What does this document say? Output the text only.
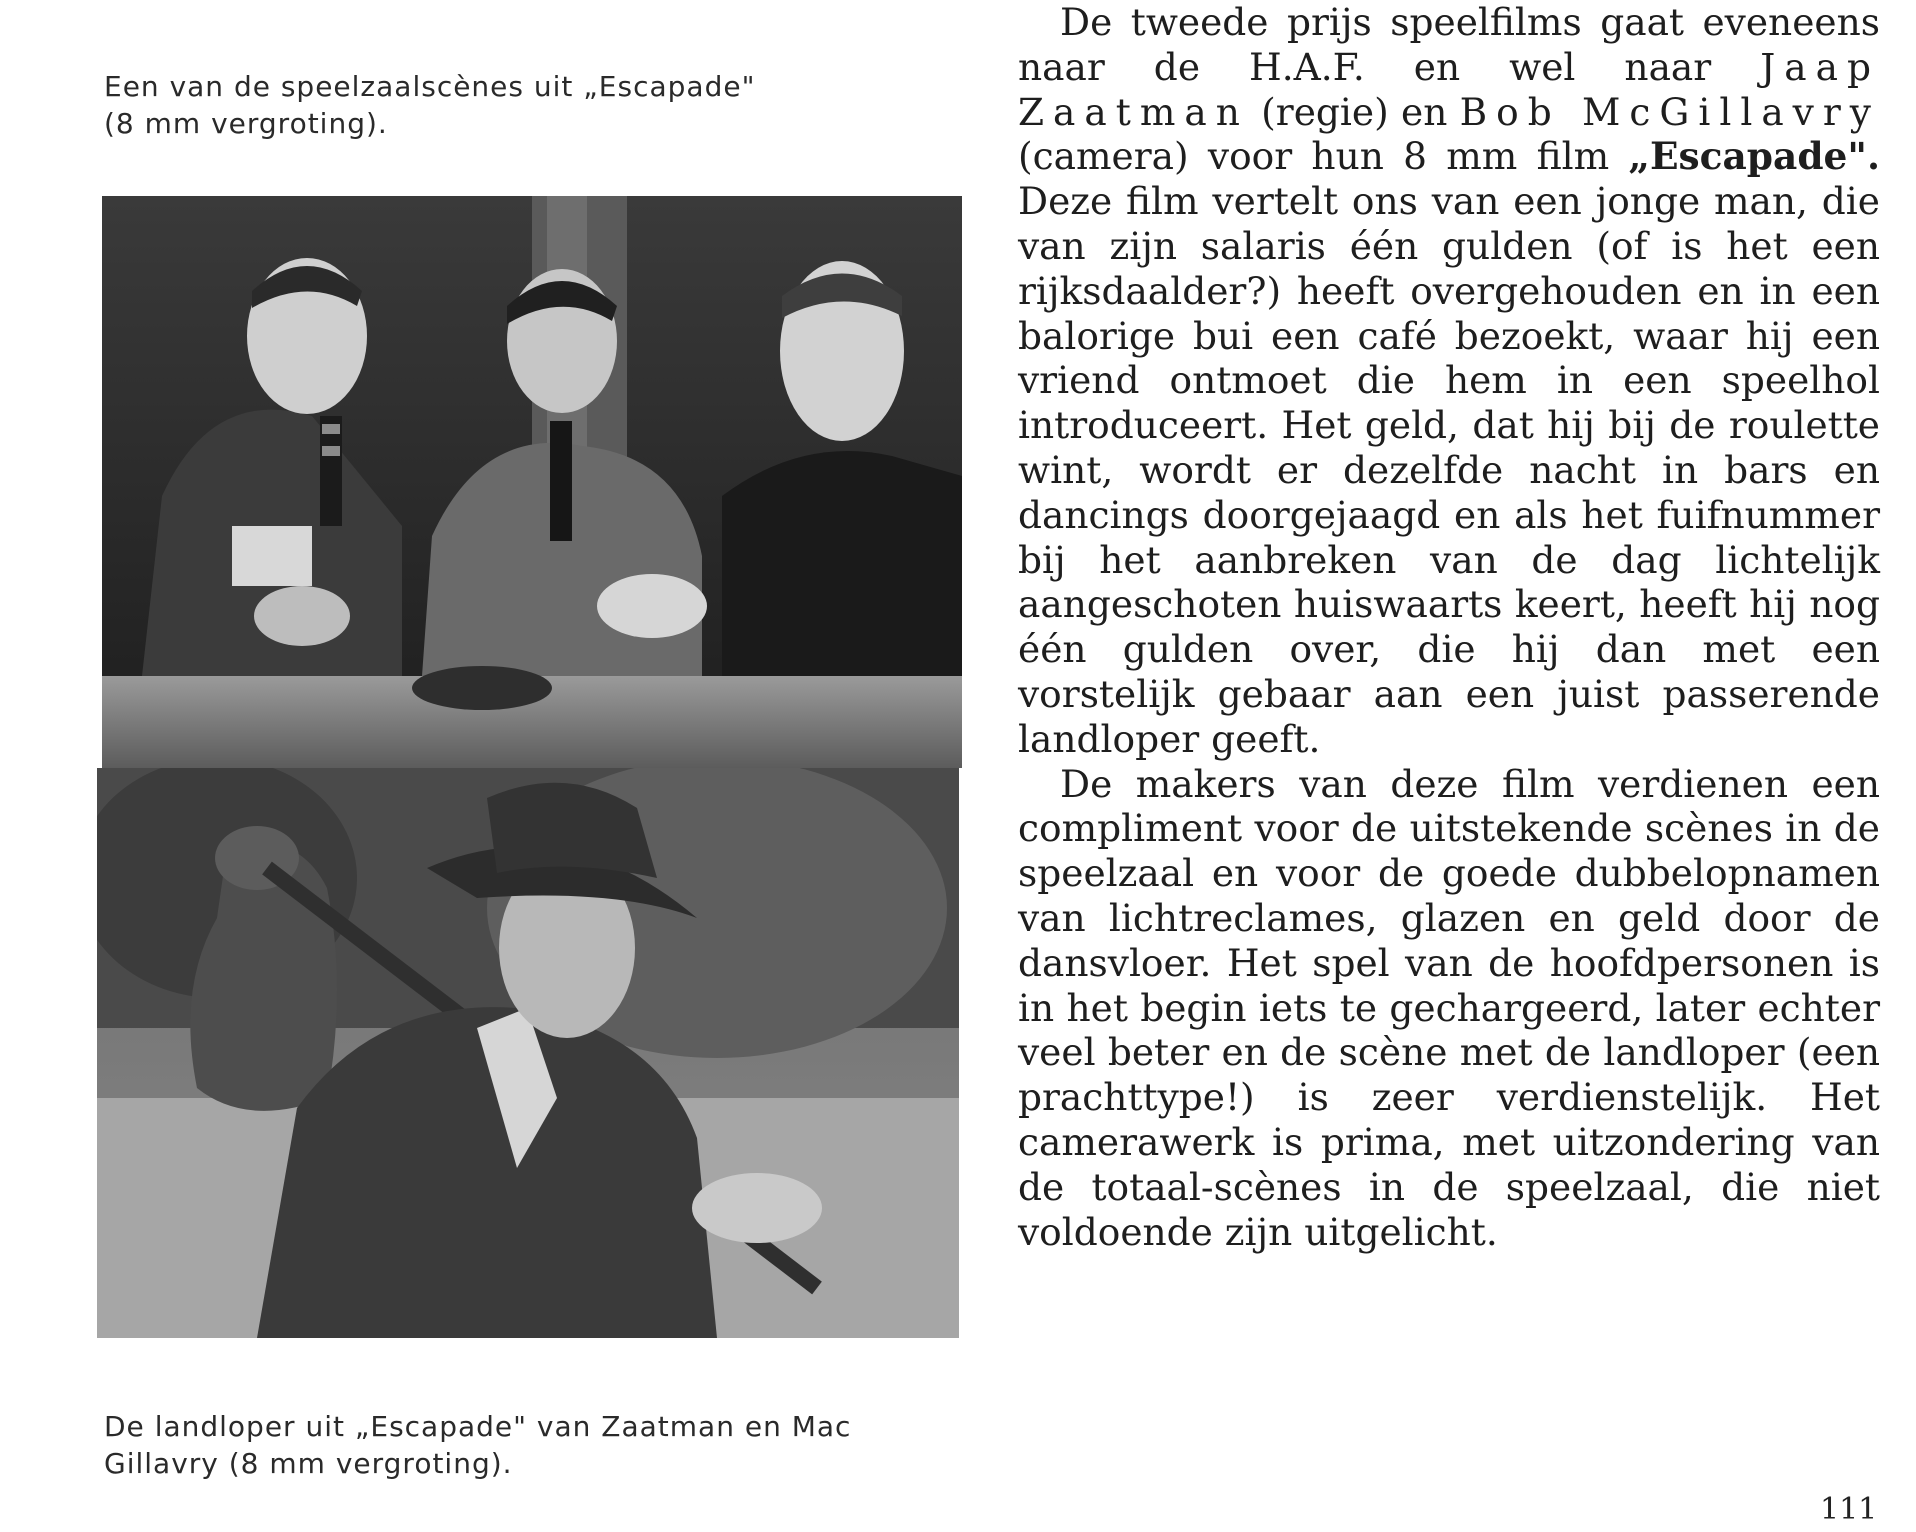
Een van de speelzaalscènes uit „Escapade"

(8 mm vergroting).

De landloper uit „Escapade" van Zaatman en Mac

Gillavry (8 mm vergroting).

De tweede prijs speelfilms gaat eveneens naar de H.A.F. en wel naar Jaap Zaatman (regie) en Bob McGillavry (camera) voor hun 8 mm film „Escapade". Deze film vertelt ons van een jonge man, die van zijn salaris één gulden (of is het een rijksdaalder?) heeft overgehouden en in een balorige bui een café bezoekt, waar hij een vriend ontmoet die hem in een speelhol introduceert. Het geld, dat hij bij de roulette wint, wordt er dezelfde nacht in bars en dancings doorgejaagd en als het fuifnummer bij het aanbreken van de dag lichtelijk aangeschoten huiswaarts keert, heeft hij nog één gulden over, die hij dan met een vorstelijk gebaar aan een juist passerende landloper geeft.

De makers van deze film verdienen een compliment voor de uitstekende scènes in de speelzaal en voor de goede dubbelopnamen van lichtreclames, glazen en geld door de dansvloer. Het spel van de hoofdpersonen is in het begin iets te gechargeerd, later echter veel beter en de scène met de landloper (een prachttype!) is zeer verdienstelijk. Het camerawerk is prima, met uitzondering van de totaal-scènes in de speelzaal, die niet voldoende zijn uitgelicht.

111
